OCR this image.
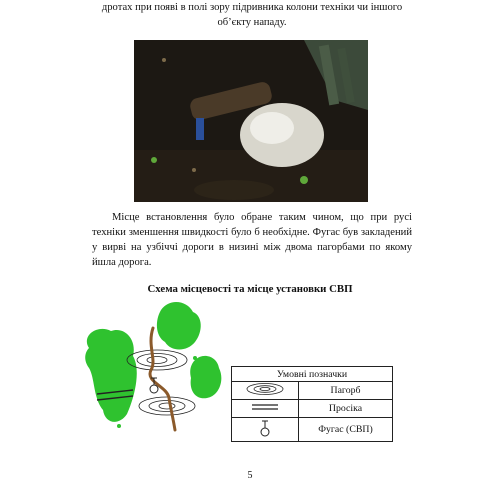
дротах при появі в полі зору підривника колони техніки чи іншого об’єкту нападу.
Місце встановлення було обране таким чином, що при русі техніки зменшення швидкості було б необхідне. Фугас був закладений у вирві на узбіччі дороги в низині між двома пагорбами по якому йшла дорога.
Схема місцевості та місце установки СВП
Умовні позначки	
	Пагорб
	Просіка
	Фугас (СВП)
5
